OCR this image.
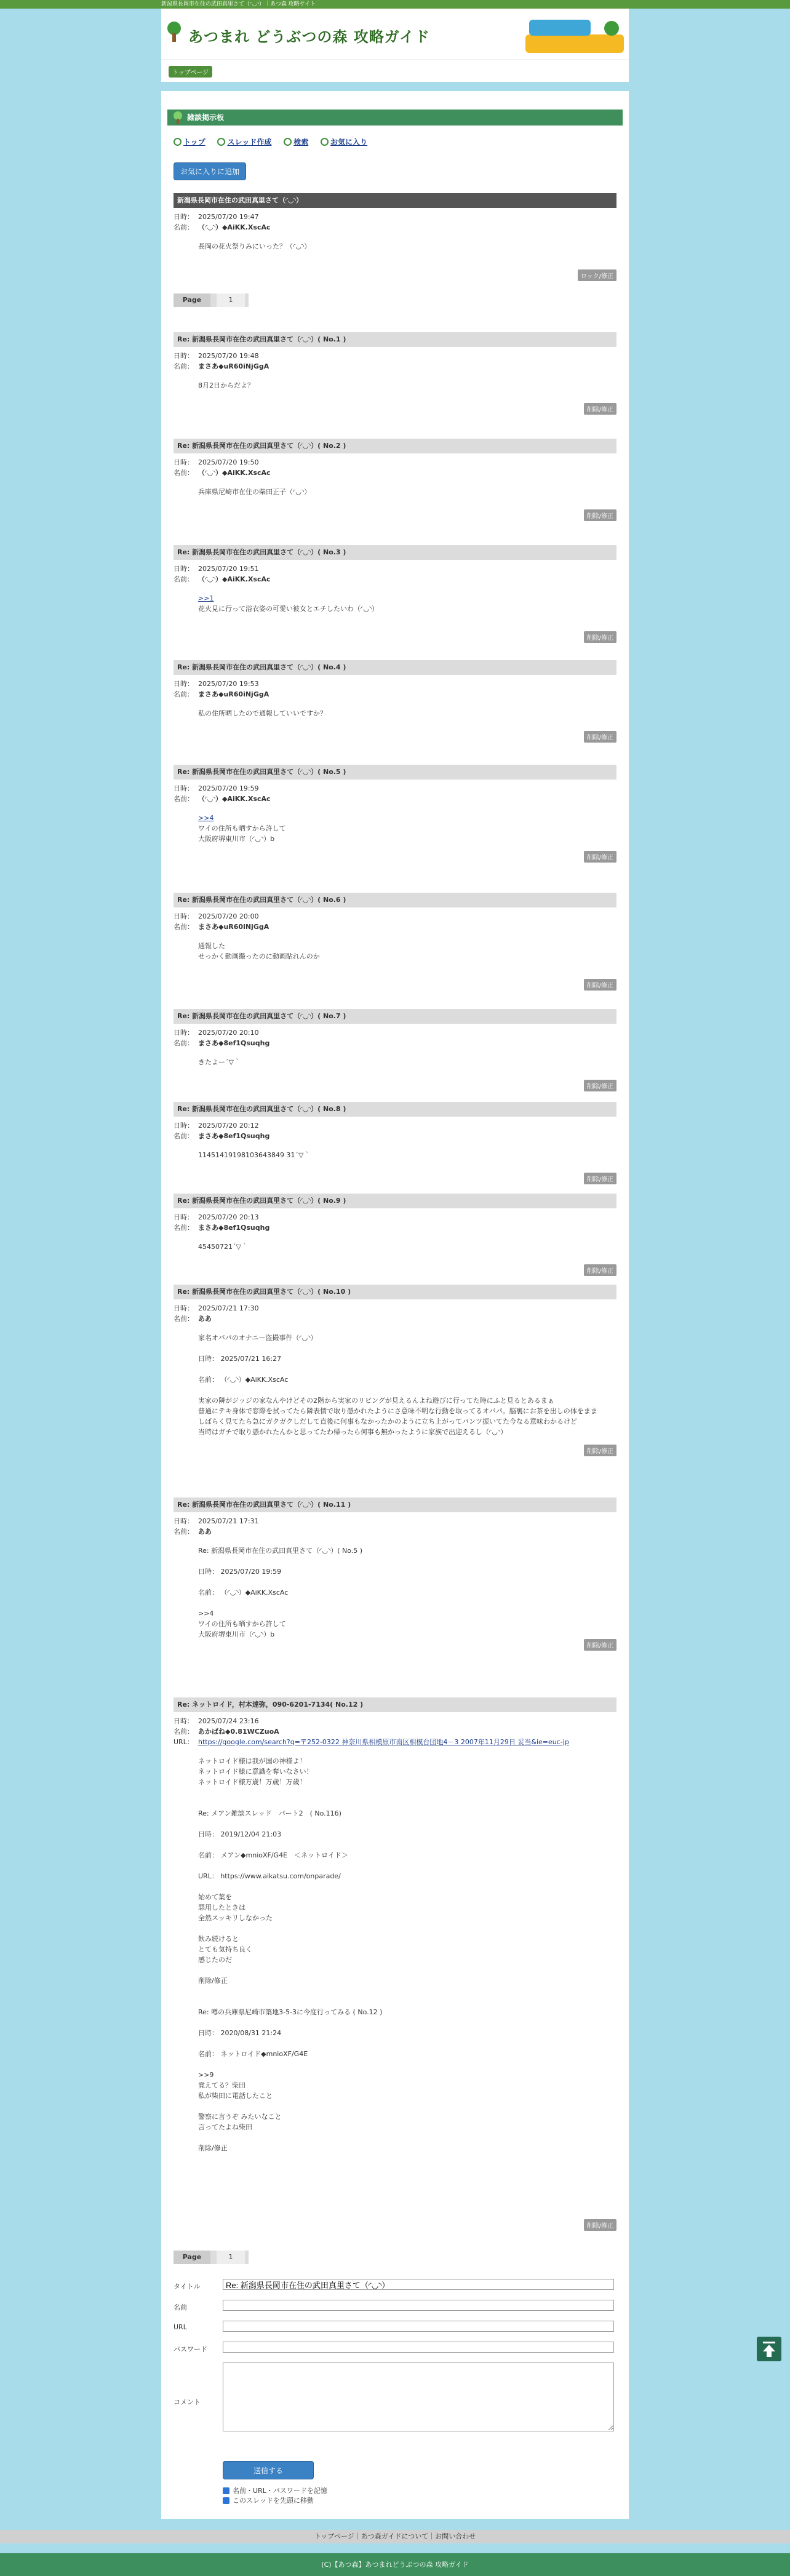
新潟県長岡市在住の武田真里さて（◜◡◝）｜あつ森 攻略サイト
あつまれ どうぶつの森 攻略ガイド
トップページ
雑談掲示板
トップ	スレッド作成	検索	お気に入り
お気に入りに追加
新潟県長岡市在住の武田真里さて（◜◡◝）
日時： 2025/07/20 19:47
名前： （◜◡◝）◆AiKK.XscAc
長岡の花火祭りみにいった？（◜◡◝）
ロック/修正
Page	1
Re: 新潟県長岡市在住の武田真里さて（◜◡◝）( No.1 )
日時： 2025/07/20 19:48
名前： まさあ◆uR60iNjGgA
8月2日からだよ？
削除/修正
Re: 新潟県長岡市在住の武田真里さて（◜◡◝）( No.2 )
日時： 2025/07/20 19:50
名前： （◜◡◝）◆AiKK.XscAc
兵庫県尼崎市在住の柴田正子（◜◡◝）
削除/修正
Re: 新潟県長岡市在住の武田真里さて（◜◡◝）( No.3 )
日時： 2025/07/20 19:51
名前： （◜◡◝）◆AiKK.XscAc
>>1
花火見に行って浴衣姿の可愛い彼女とエチしたいわ（◜◡◝）
削除/修正
Re: 新潟県長岡市在住の武田真里さて（◜◡◝）( No.4 )
日時： 2025/07/20 19:53
名前： まさあ◆uR60iNjGgA
私の住所晒したので通報していいですか？
削除/修正
Re: 新潟県長岡市在住の武田真里さて（◜◡◝）( No.5 )
日時： 2025/07/20 19:59
名前： （◜◡◝）◆AiKK.XscAc
>>4
ワイの住所も晒すから許して
大阪府堺東川市（◜◡◝）b
削除/修正
Re: 新潟県長岡市在住の武田真里さて（◜◡◝）( No.6 )
日時： 2025/07/20 20:00
名前： まさあ◆uR60iNjGgA
通報した
せっかく動画撮ったのに動画貼れんのか
削除/修正
Re: 新潟県長岡市在住の武田真里さて（◜◡◝）( No.7 )
日時： 2025/07/20 20:10
名前： まさあ◆8ef1Qsuqhg
きたよー´▽｀
削除/修正
Re: 新潟県長岡市在住の武田真里さて（◜◡◝）( No.8 )
日時： 2025/07/20 20:12
名前： まさあ◆8ef1Qsuqhg
11451419198103643849 31´▽｀
削除/修正
Re: 新潟県長岡市在住の武田真里さて（◜◡◝）( No.9 )
日時： 2025/07/20 20:13
名前： まさあ◆8ef1Qsuqhg
45450721´▽｀
削除/修正
Re: 新潟県長岡市在住の武田真里さて（◜◡◝）( No.10 )
日時： 2025/07/21 17:30
名前： ああ
家名オバパのオナニー盗撮事件（◜◡◝）

日時： 2025/07/21 16:27

名前： （◜◡◝）◆AiKK.XscAc

実家の隣がジッジの家なんやけどその2階から実家のリビングが見えるんよね遊びに行ってた時にふと見るとあるまぁ
普通にテキ身体で窓際を拭ってたら隣表情で取り憑かれたようにさ意味不明な行動を取ってるオバパ。脳裏にお茶を出しの体をまま
しばらく見てたら急にガクガクしだして直後に何事もなかったかのように立ち上がってパンツ振いてた今なる意味わかるけど
当時はガチで取り憑かれたんかと思ってたわ帰ったら何事も無かったように家族で出迎えるし（◜◡◝）
削除/修正
Re: 新潟県長岡市在住の武田真里さて（◜◡◝）( No.11 )
日時： 2025/07/21 17:31
名前： ああ
Re: 新潟県長岡市在住の武田真里さて（◜◡◝）( No.5 )

日時： 2025/07/20 19:59

名前： （◜◡◝）◆AiKK.XscAc

>>4
ワイの住所も晒すから許して
大阪府堺東川市（◜◡◝）b
削除/修正
Re: ネットロイド，村本達弥，090-6201-7134( No.12 )
日時： 2025/07/24 23:16
名前： あかばね◆0.81WCZuoA
URL： https://google.com/search?q=〒252-0322 神奈川県相模原市南区相模台団地4－3 2007年11月29日 妥当&ie=euc-jp
ネットロイド様は我が国の神様よ！
ネットロイド様に意識を奪いなさい！
ネットロイド様万歳！万歳！万歳！

Re: メアン雑談スレッド　パート2　( No.116)

日時： 2019/12/04 21:03

名前： メアン◆mnioXF/G4E　＜ネットロイド＞

URL： https://www.aikatsu.com/onparade/

始めて葉を
悪用したときは
全然スッキリしなかった

飲み続けると
とても気持ち良く
感じたのだ

削除/修正

Re: 噂の兵庫県尼崎市築地3-5-3に今度行ってみる ( No.12 )

日時： 2020/08/31 21:24

名前： ネットロイド◆mnioXF/G4E

>>9
覚えてる？柴田
私が柴田に電話したこと

警察に言うぞ みたいなこと
言ってたよね柴田

削除/修正
削除/修正
Page	1
タイトル
Re: 新潟県長岡市在住の武田真里さて（◜◡◝）
名前
URL
パスワード
コメント
送信する
名前・URL・パスワードを記憶
このスレッドを先頭に移動
トップページ｜あつ森ガイドについて｜お問い合わせ
(C)【あつ森】あつまれどうぶつの森 攻略ガイド
